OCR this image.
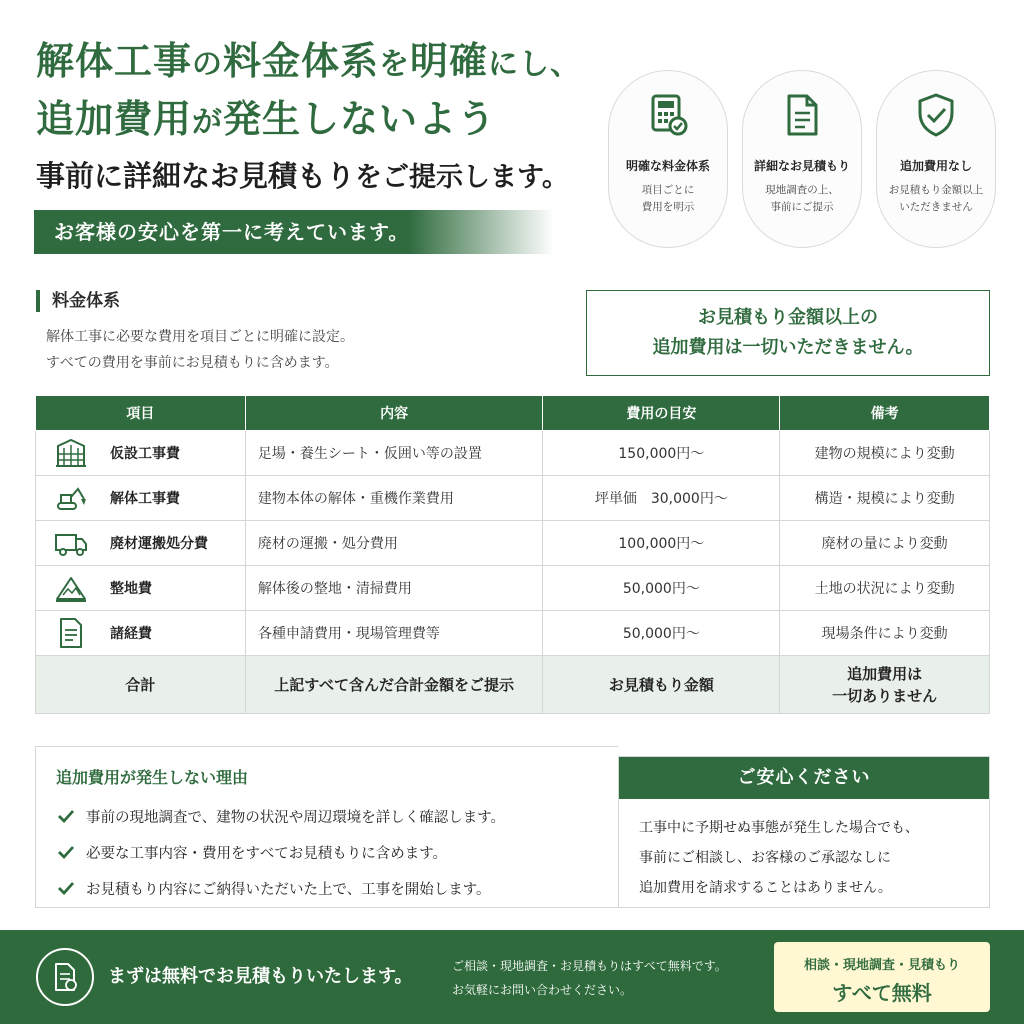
解体工事の料金体系を明確にし、
追加費用が発生しないよう
事前に詳細なお見積もりをご提示します。
お客様の安心を第一に考えています。
明確な料金体系
項目ごとに
費用を明示
詳細なお見積もり
現地調査の上、
事前にご提示
追加費用なし
お見積もり金額以上
いただきません
料金体系
解体工事に必要な費用を項目ごとに明確に設定。
すべての費用を事前にお見積もりに含めます。
お見積もり金額以上の
追加費用は一切いただきません。
項目	内容	費用の目安	備考

仮設工事費	足場・養生シート・仮囲い等の設置	150,000円〜	建物の規模により変動

解体工事費	建物本体の解体・重機作業費用	坪単価　30,000円〜	構造・規模により変動

廃材運搬処分費	廃材の運搬・処分費用	100,000円〜	廃材の量により変動

整地費	解体後の整地・清掃費用	50,000円〜	土地の状況により変動

諸経費	各種申請費用・現場管理費等	50,000円〜	現場条件により変動
合計	上記すべて含んだ合計金額をご提示	お見積もり金額	追加費用は
一切ありません
追加費用が発生しない理由
事前の現地調査で、建物の状況や周辺環境を詳しく確認します。
必要な工事内容・費用をすべてお見積もりに含めます。
お見積もり内容にご納得いただいた上で、工事を開始します。
ご安心ください
工事中に予期せぬ事態が発生した場合でも、
事前にご相談し、お客様のご承認なしに
追加費用を請求することはありません。
まずは無料でお見積もりいたします。	ご相談・現地調査・お見積もりはすべて無料です。
お気軽にお問い合わせください。
相談・現地調査・見積もり
すべて無料
